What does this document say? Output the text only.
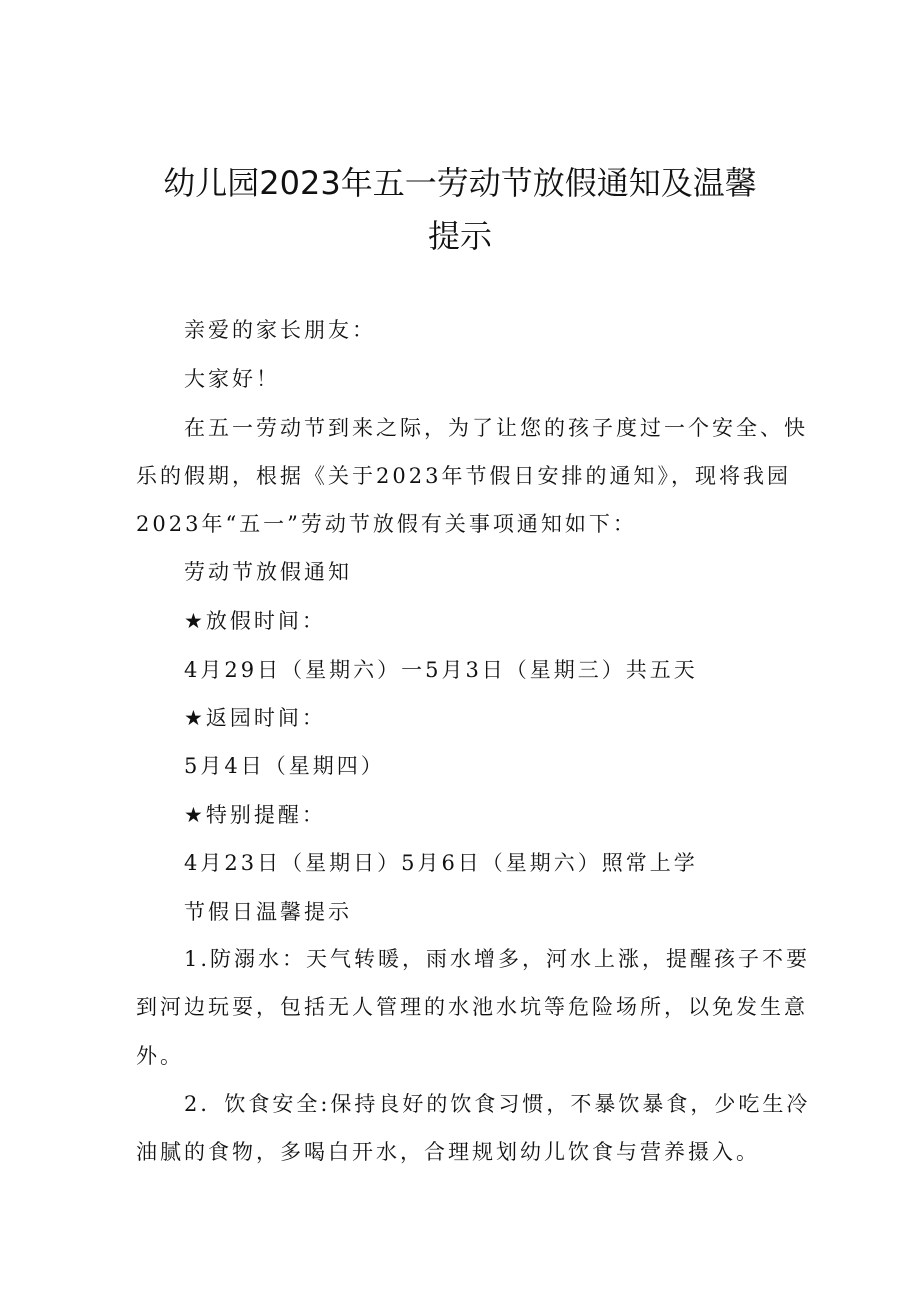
幼儿园2023年五一劳动节放假通知及温馨
提示
亲爱的家长朋友：
大家好！
在五一劳动节到来之际，为了让您的孩子度过一个安全、快
乐的假期，根据《关于2023年节假日安排的通知》，现将我园
2023年“五一”劳动节放假有关事项通知如下：
劳动节放假通知
★放假时间：
4月29日（星期六）一5月3日（星期三）共五天
★返园时间：
5月4日（星期四）
★特别提醒：
4月23日（星期日）5月6日（星期六）照常上学
节假日温馨提示
1.防溺水：天气转暖，雨水增多，河水上涨，提醒孩子不要
到河边玩耍，包括无人管理的水池水坑等危险场所，以免发生意
外。
2．饮食安全:保持良好的饮食习惯，不暴饮暴食，少吃生冷
油腻的食物，多喝白开水，合理规划幼儿饮食与营养摄入。
